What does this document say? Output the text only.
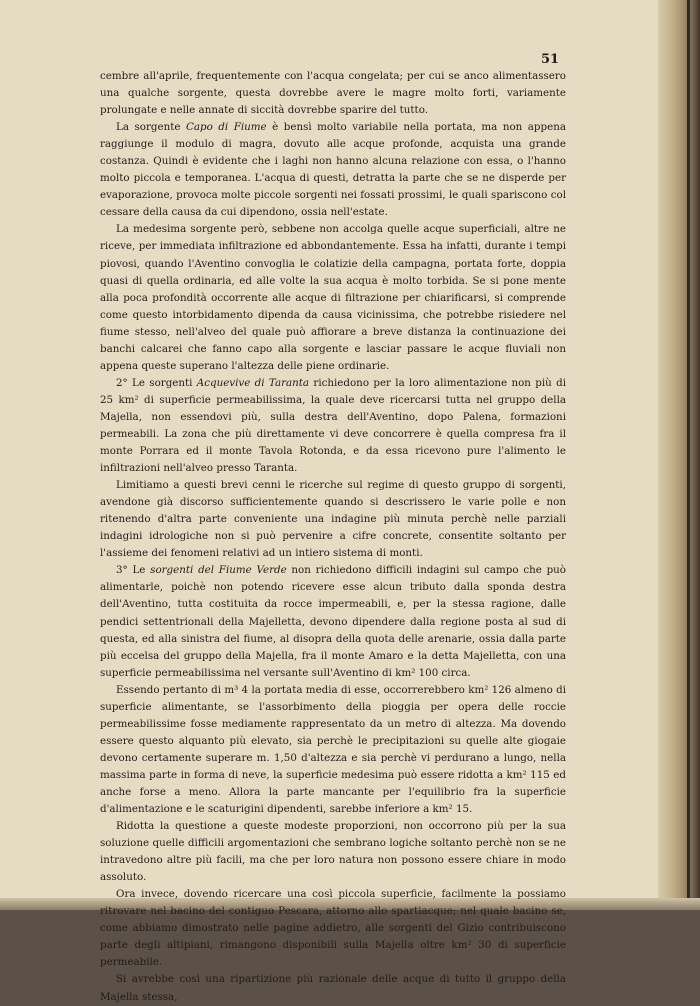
51

cembre all'aprile, frequentemente con l'acqua congelata; per cui se anco alimentassero una qualche sorgente, questa dovrebbe avere le magre molto forti, variamente prolungate e nelle annate di siccità dovrebbe sparire del tutto.

La sorgente Capo di Fiume è bensì molto variabile nella portata, ma non appena raggiunge il modulo di magra, dovuto alle acque profonde, acquista una grande costanza. Quindi è evidente che i laghi non hanno alcuna relazione con essa, o l'hanno molto piccola e temporanea. L'acqua di questi, detratta la parte che se ne disperde per evaporazione, provoca molte piccole sorgenti nei fossati prossimi, le quali spariscono col cessare della causa da cui dipendono, ossia nell'estate.

La medesima sorgente però, sebbene non accolga quelle acque superficiali, altre ne riceve, per immediata infiltrazione ed abbondantemente. Essa ha infatti, durante i tempi piovosi, quando l'Aventino convoglia le colatizie della campagna, portata forte, doppia quasi di quella ordinaria, ed alle volte la sua acqua è molto torbida. Se si pone mente alla poca profondità occorrente alle acque di filtrazione per chiarificarsi, si comprende come questo intorbidamento dipenda da causa vicinissima, che potrebbe risiedere nel fiume stesso, nell'alveo del quale può affiorare a breve distanza la continuazione dei banchi calcarei che fanno capo alla sorgente e lasciar passare le acque fluviali non appena queste superano l'altezza delle piene ordinarie.

2° Le sorgenti Acquevive di Taranta richiedono per la loro alimentazione non più di 25 km² di superficie permeabilissima, la quale deve ricercarsi tutta nel gruppo della Majella, non essendovi più, sulla destra dell'Aventino, dopo Palena, formazioni permeabili. La zona che più direttamente vi deve concorrere è quella compresa fra il monte Porrara ed il monte Tavola Rotonda, e da essa ricevono pure l'alimento le infiltrazioni nell'alveo presso Taranta.

Limitiamo a questi brevi cenni le ricerche sul regime di questo gruppo di sorgenti, avendone già discorso sufficientemente quando si descrissero le varie polle e non ritenendo d'altra parte conveniente una indagine più minuta perchè nelle parziali indagini idrologiche non si può pervenire a cifre concrete, consentite soltanto per l'assieme dei fenomeni relativi ad un intiero sistema di monti.

3° Le sorgenti del Fiume Verde non richiedono difficili indagini sul campo che può alimentarle, poichè non potendo ricevere esse alcun tributo dalla sponda destra dell'Aventino, tutta costituita da rocce impermeabili, e, per la stessa ragione, dalle pendici settentrionali della Majelletta, devono dipendere dalla regione posta al sud di questa, ed alla sinistra del fiume, al disopra della quota delle arenarie, ossia dalla parte più eccelsa del gruppo della Majella, fra il monte Amaro e la detta Majelletta, con una superficie permeabilissima nel versante sull'Aventino di km² 100 circa.

Essendo pertanto di m³ 4 la portata media di esse, occorrerebbero km² 126 almeno di superficie alimentante, se l'assorbimento della pioggia per opera delle roccie permeabilissime fosse mediamente rappresentato da un metro di altezza. Ma dovendo essere questo alquanto più elevato, sia perchè le precipitazioni su quelle alte giogaie devono certamente superare m. 1,50 d'altezza e sia perchè vi perdurano a lungo, nella massima parte in forma di neve, la superficie medesima può essere ridotta a km² 115 ed anche forse a meno. Allora la parte mancante per l'equilibrio fra la superficie d'alimentazione e le scaturigini dipendenti, sarebbe inferiore a km² 15.

Ridotta la questione a queste modeste proporzioni, non occorrono più per la sua soluzione quelle difficili argomentazioni che sembrano logiche soltanto perchè non se ne intravedono altre più facili, ma che per loro natura non possono essere chiare in modo assoluto.

Ora invece, dovendo ricercare una così piccola superficie, facilmente la possiamo ritrovare nel bacino del contiguo Pescara, attorno allo spartiacque; nel quale bacino se, come abbiamo dimostrato nelle pagine addietro, alle sorgenti del Gizio contribuiscono parte degli altipiani, rimangono disponibili sulla Majella oltre km² 30 di superficie permeabile.

Si avrebbe così una ripartizione più razionale delle acque di tutto il gruppo della Majella stessa,
